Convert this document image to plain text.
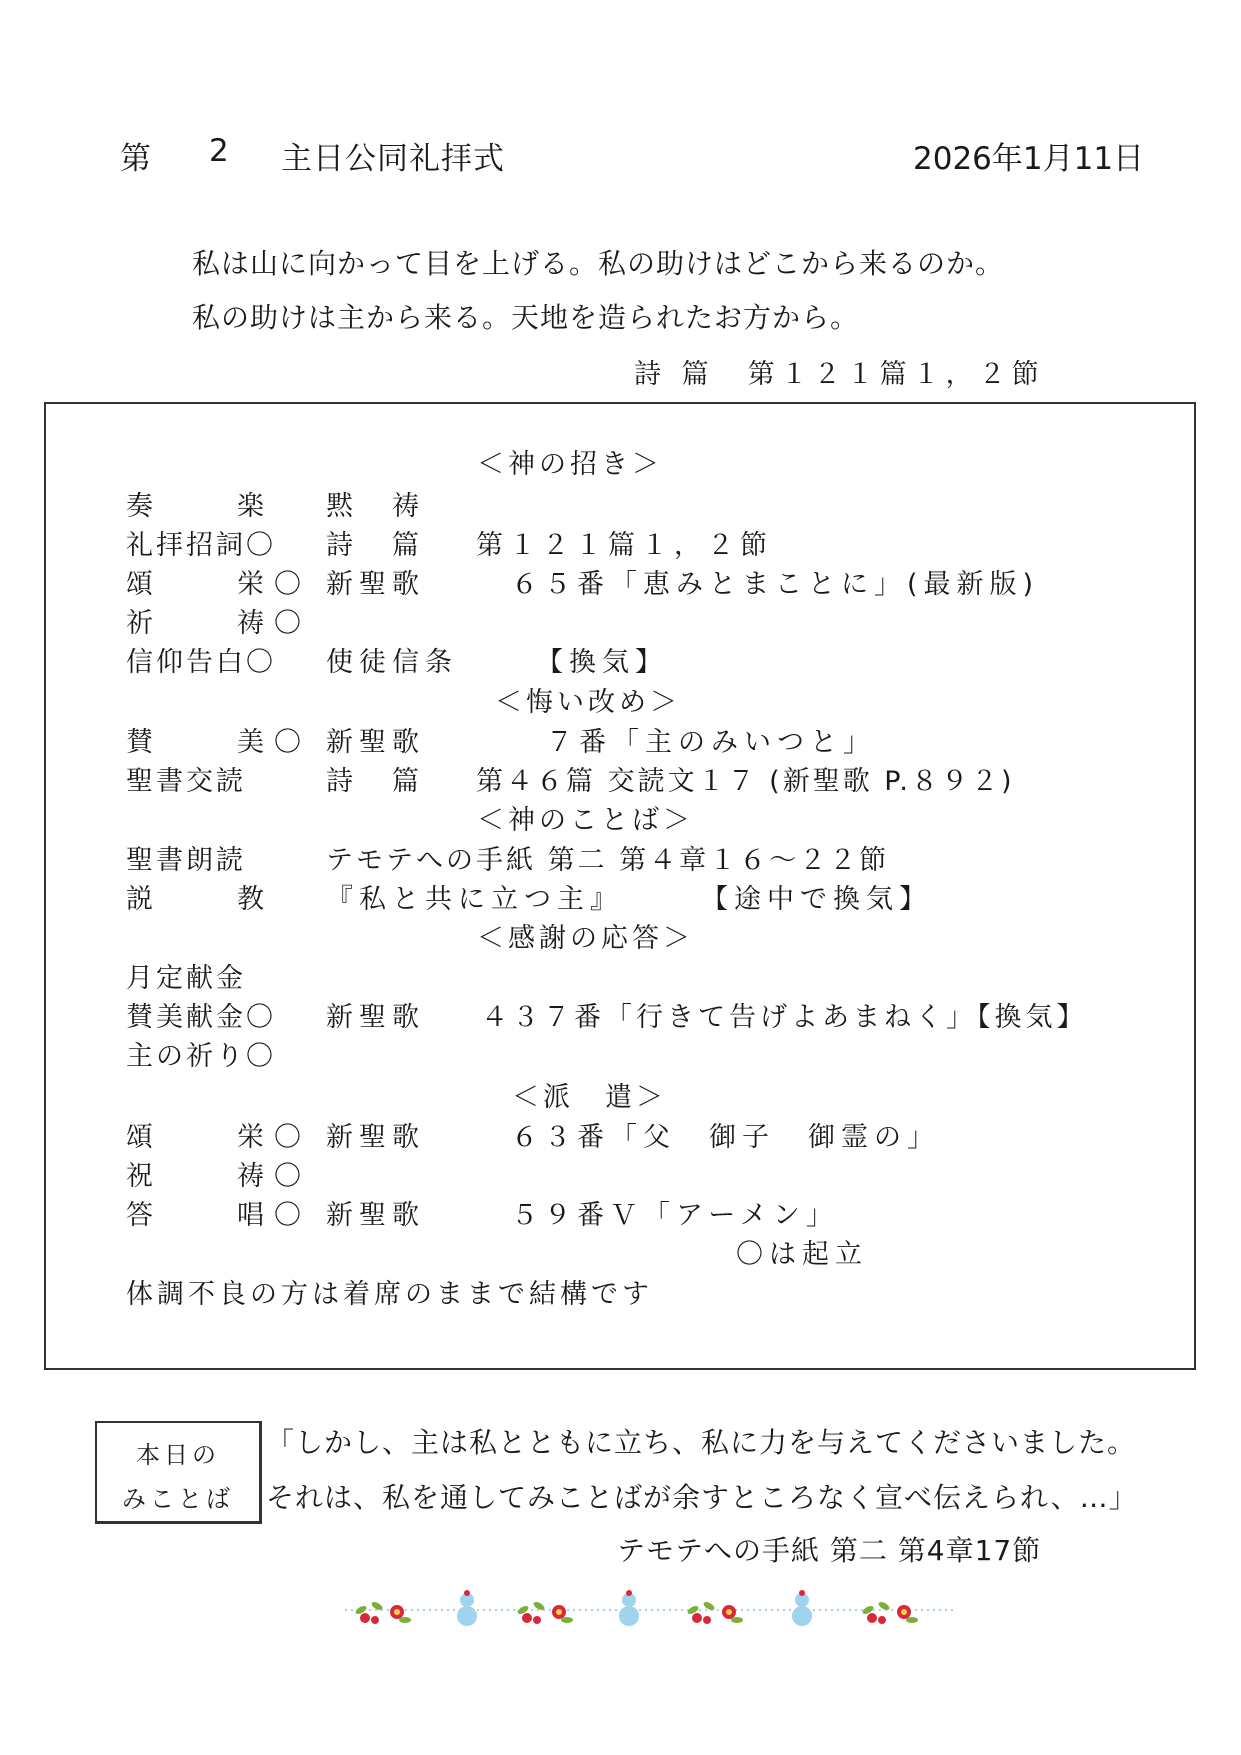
第 2 主日公同礼拝式	2026年1月11日
私は山に向かって目を上げる。私の助けはどこから来るのか。
私の助けは主から来る。天地を造られたお方から。
詩 篇　第１２１篇１，２節
＜神の招き＞
奏　　楽 黙　祷
礼拝招詞〇 詩　篇 第１２１篇１，２節
頌　　栄〇 新聖歌	６５番「恵みとまことに」(最新版)
祈　　祷〇
信仰告白〇 使徒信条	【換気】
＜悔い改め＞
賛　　美〇 新聖歌	７番「主のみいつと」
聖書交読	詩　篇 第４６篇 交読文１７ (新聖歌 P.８９２)
＜神のことば＞
聖書朗読	テモテへの手紙 第二 第４章１６～２２節
説　　教 『私と共に立つ主』	【途中で換気】
＜感謝の応答＞
月定献金
賛美献金〇 新聖歌 ４３７番「行きて告げよあまねく」【換気】
主の祈り〇
＜派　遣＞
頌　　栄〇 新聖歌	６３番「父　御子　御霊の」
祝　　祷〇
答　　唱〇 新聖歌	５９番Ｖ「アーメン」
〇は起立
体調不良の方は着席のままで結構です
本日の
みことば
「しかし、主は私とともに立ち、私に力を与えてくださいました。
それは、私を通してみことばが余すところなく宣べ伝えられ、…」
テモテへの手紙 第二 第4章17節
